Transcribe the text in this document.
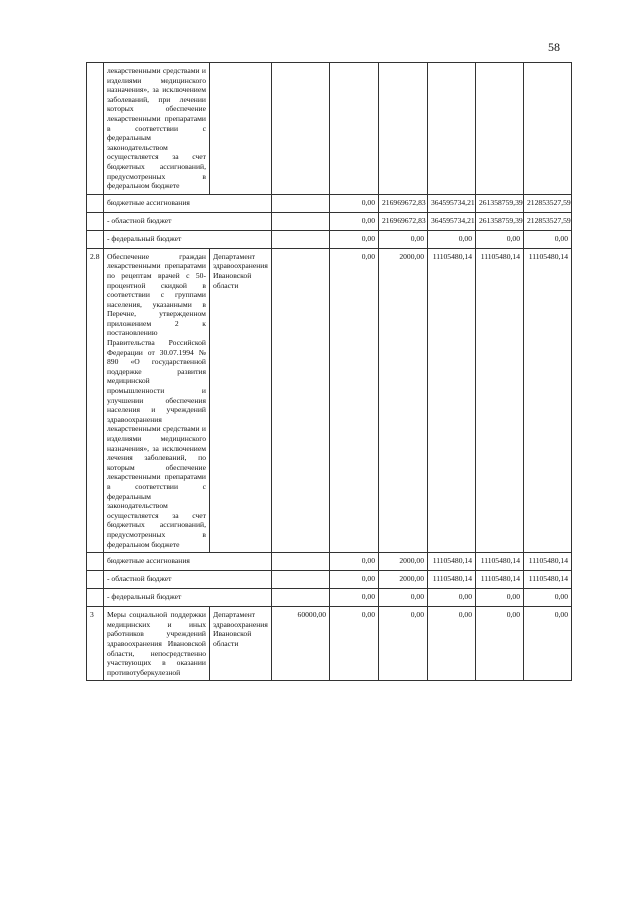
58
	лекарственными средствами и изделиями медицинского назначения», за исключением заболеваний, при лечении которых обеспечение лекарственными препаратами в соответствии с федеральным законодательством осуществляется за счет бюджетных ассигнований, предусмотренных в федеральном бюджете							
	бюджетные ассигнования			0,00	216969672,83	364595734,21	261358759,39	212853527,59
	- областной бюджет			0,00	216969672,83	364595734,21	261358759,39	212853527,59
	- федеральный бюджет			0,00	0,00	0,00	0,00	0,00
2.8	Обеспечение граждан лекарственными препаратами по рецептам врачей с 50-процентной скидкой в соответствии с группами населения, указанными в Перечне, утвержденном приложением 2 к постановлению Правительства Российской Федерации от 30.07.1994 № 890 «О государственной поддержке развития медицинской промышленности и улучшении обеспечения населения и учреждений здравоохранения лекарственными средствами и изделиями медицинского назначения», за исключением лечения заболеваний, по которым обеспечение лекарственными препаратами в соответствии с федеральным законодательством осуществляется за счет бюджетных ассигнований, предусмотренных в федеральном бюджете	Департамент здравоохранения Ивановской области		0,00	2000,00	11105480,14	11105480,14	11105480,14
	бюджетные ассигнования			0,00	2000,00	11105480,14	11105480,14	11105480,14
	- областной бюджет			0,00	2000,00	11105480,14	11105480,14	11105480,14
	- федеральный бюджет			0,00	0,00	0,00	0,00	0,00
3	Меры социальной поддержки медицинских и иных работников учреждений здравоохранения Ивановской области, непосредственно участвующих в оказании противотуберкулезной	Департамент здравоохранения Ивановской области	60000,00	0,00	0,00	0,00	0,00	0,00
